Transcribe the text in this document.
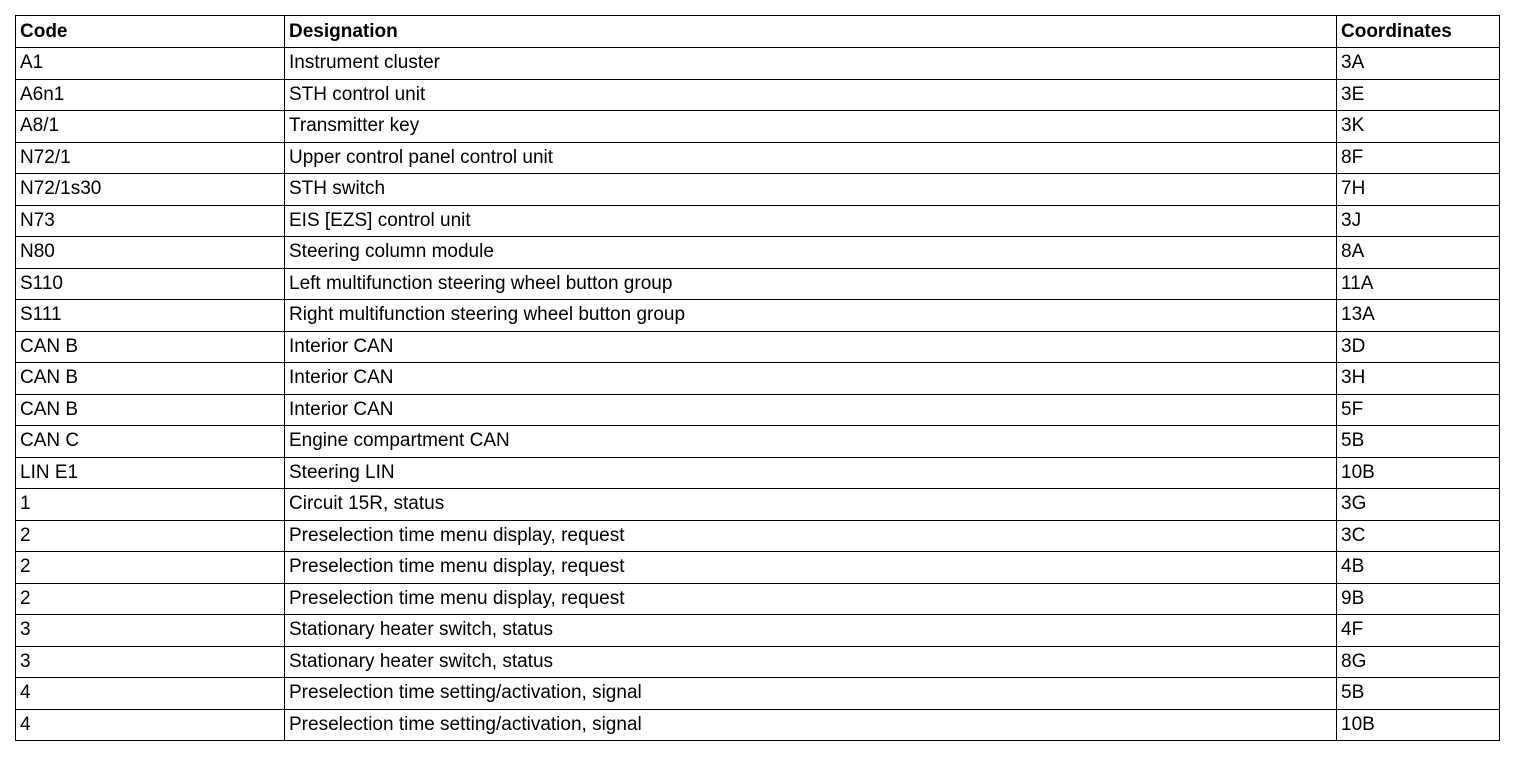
Code	Designation	Coordinates
A1	Instrument cluster	3A
A6n1	STH control unit	3E
A8/1	Transmitter key	3K
N72/1	Upper control panel control unit	8F
N72/1s30	STH switch	7H
N73	EIS [EZS] control unit	3J
N80	Steering column module	8A
S110	Left multifunction steering wheel button group	11A
S111	Right multifunction steering wheel button group	13A
CAN B	Interior CAN	3D
CAN B	Interior CAN	3H
CAN B	Interior CAN	5F
CAN C	Engine compartment CAN	5B
LIN E1	Steering LIN	10B
1	Circuit 15R, status	3G
2	Preselection time menu display, request	3C
2	Preselection time menu display, request	4B
2	Preselection time menu display, request	9B
3	Stationary heater switch, status	4F
3	Stationary heater switch, status	8G
4	Preselection time setting/activation, signal	5B
4	Preselection time setting/activation, signal	10B
